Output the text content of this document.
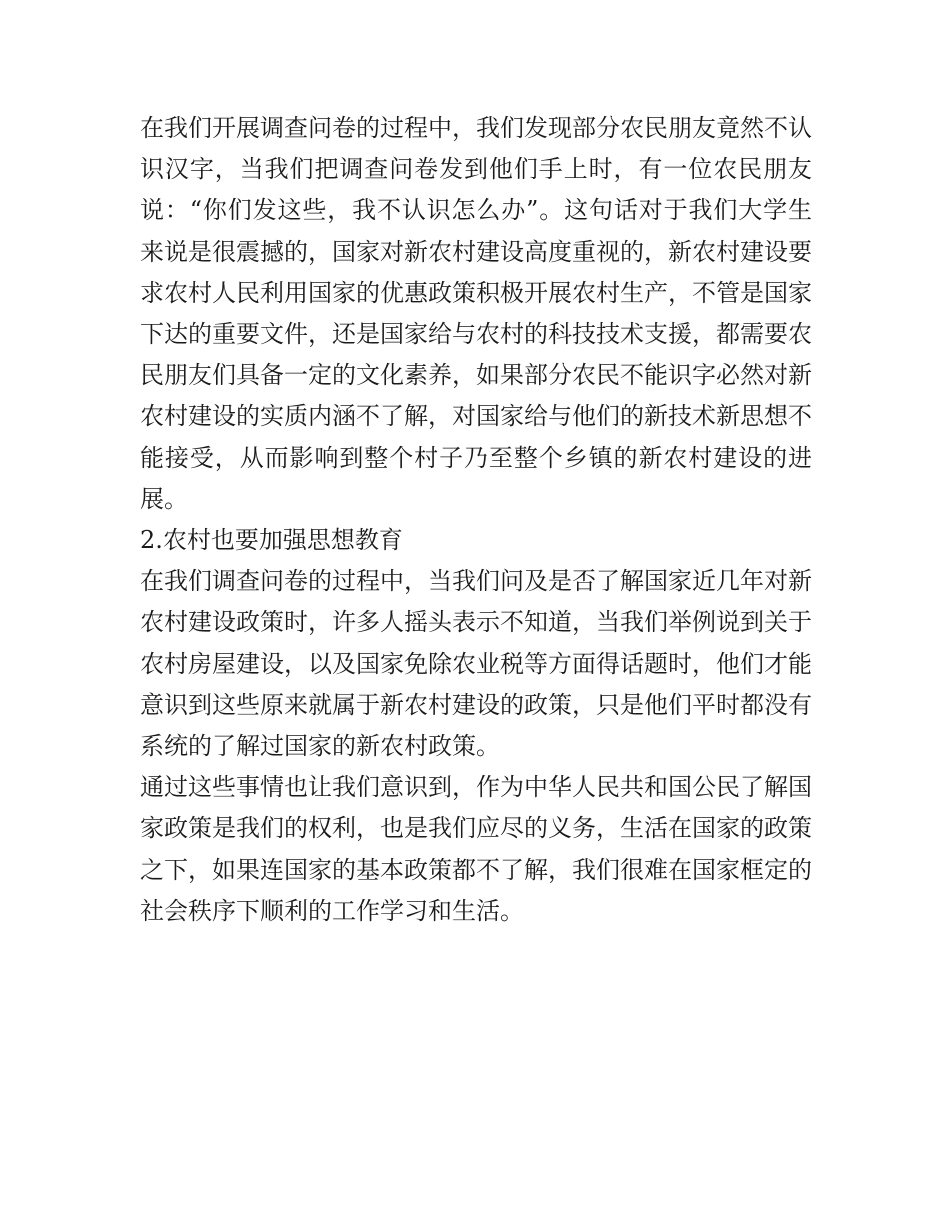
在我们开展调查问卷的过程中，我们发现部分农民朋友竟然不认识汉字，当我们把调查问卷发到他们手上时，有一位农民朋友说：“你们发这些，我不认识怎么办”。这句话对于我们大学生来说是很震撼的，国家对新农村建设高度重视的，新农村建设要求农村人民利用国家的优惠政策积极开展农村生产，不管是国家下达的重要文件，还是国家给与农村的科技技术支援，都需要农民朋友们具备一定的文化素养，如果部分农民不能识字必然对新农村建设的实质内涵不了解，对国家给与他们的新技术新思想不能接受，从而影响到整个村子乃至整个乡镇的新农村建设的进展。

2.农村也要加强思想教育

在我们调查问卷的过程中，当我们问及是否了解国家近几年对新农村建设政策时，许多人摇头表示不知道，当我们举例说到关于农村房屋建设，以及国家免除农业税等方面得话题时，他们才能意识到这些原来就属于新农村建设的政策，只是他们平时都没有系统的了解过国家的新农村政策。

通过这些事情也让我们意识到，作为中华人民共和国公民了解国家政策是我们的权利，也是我们应尽的义务，生活在国家的政策之下，如果连国家的基本政策都不了解，我们很难在国家框定的社会秩序下顺利的工作学习和生活。
